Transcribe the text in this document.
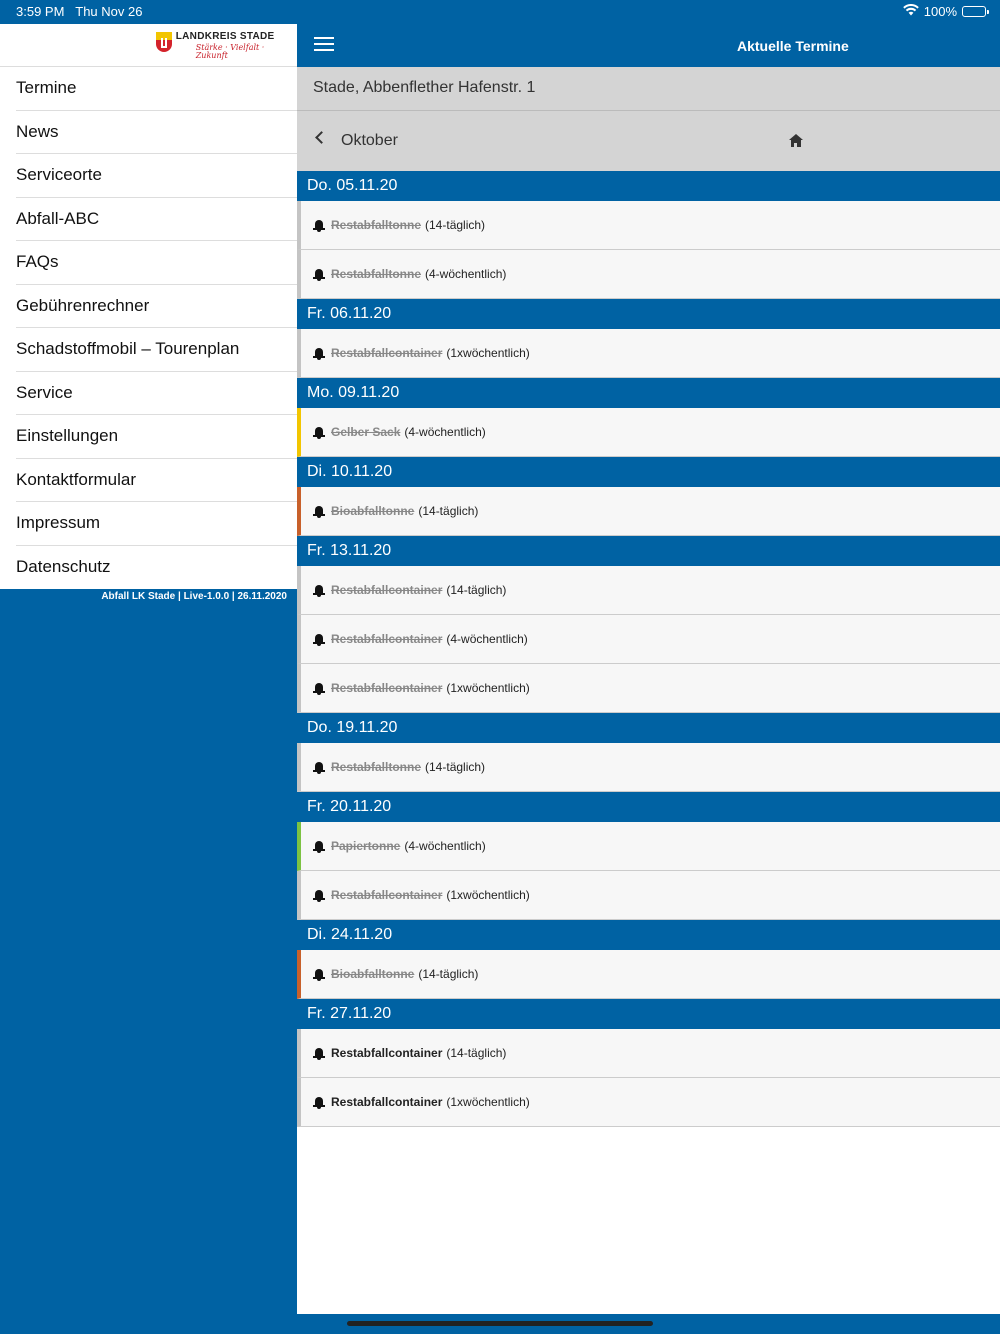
3:59 PM Thu Nov 26	100%
LANDKREIS STADE
Stärke · Vielfalt · Zukunft
Termine
News
Serviceorte
Abfall-ABC
FAQs
Gebührenrechner
Schadstoffmobil – Tourenplan
Service
Einstellungen
Kontaktformular
Impressum
Datenschutz
Abfall LK Stade | Live-1.0.0 | 26.11.2020
Aktuelle Termine
Stade, Abbenflether Hafenstr. 1
Oktober
Do. 05.11.20
Restabfalltonne (14-täglich)
Restabfalltonne (4-wöchentlich)
Fr. 06.11.20
Restabfallcontainer (1xwöchentlich)
Mo. 09.11.20
Gelber Sack (4-wöchentlich)
Di. 10.11.20
Bioabfalltonne (14-täglich)
Fr. 13.11.20
Restabfallcontainer (14-täglich)
Restabfallcontainer (4-wöchentlich)
Restabfallcontainer (1xwöchentlich)
Do. 19.11.20
Restabfalltonne (14-täglich)
Fr. 20.11.20
Papiertonne (4-wöchentlich)
Restabfallcontainer (1xwöchentlich)
Di. 24.11.20
Bioabfalltonne (14-täglich)
Fr. 27.11.20
Restabfallcontainer (14-täglich)
Restabfallcontainer (1xwöchentlich)
